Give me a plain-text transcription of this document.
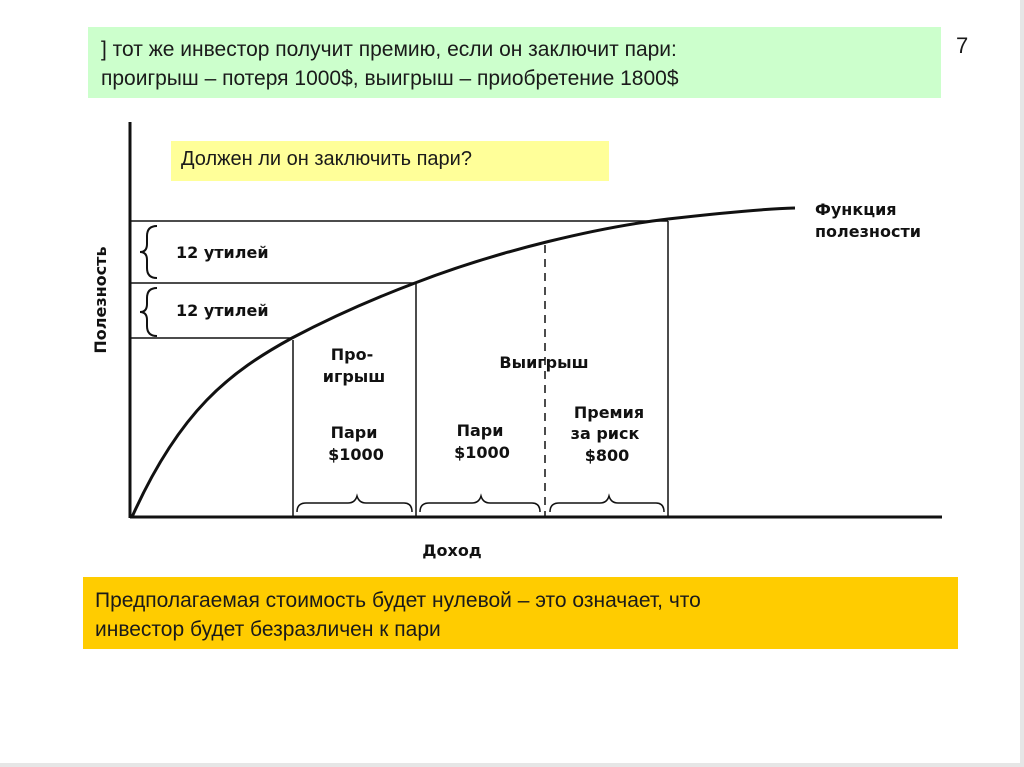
] тот же инвестор получит премию, если он заключит пари:
проигрыш – потеря 1000$, выигрыш – приобретение 1800$
7
Полезность
Доход
Функция
полезности
12 утилей
12 утилей
Про-
игрыш
Выигрыш
Пари
$1000
Пари
$1000
Премия
за риск
$800
Должен ли он заключить пари?
Предполагаемая стоимость будет нулевой – это означает, что
инвестор будет безразличен к пари
